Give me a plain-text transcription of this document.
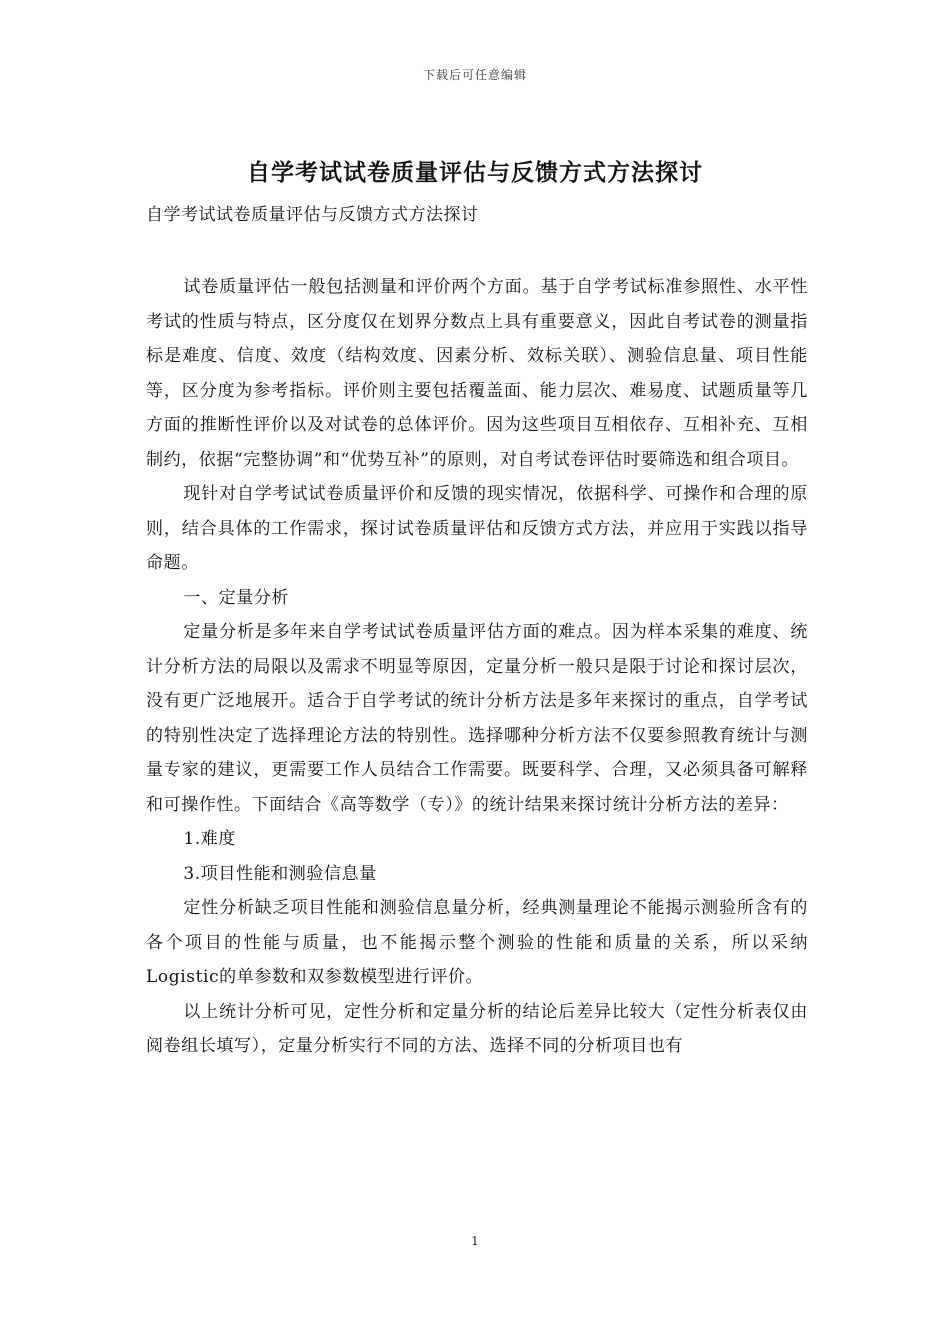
下载后可任意编辑
自学考试试卷质量评估与反馈方式方法探讨
自学考试试卷质量评估与反馈方式方法探讨

试卷质量评估一般包括测量和评价两个方面。基于自学考试标准参照性、水平性考试的性质与特点，区分度仅在划界分数点上具有重要意义，因此自考试卷的测量指标是难度、信度、效度（结构效度、因素分析、效标关联）、测验信息量、项目性能等，区分度为参考指标。评价则主要包括覆盖面、能力层次、难易度、试题质量等几方面的推断性评价以及对试卷的总体评价。因为这些项目互相依存、互相补充、互相制约，依据“完整协调”和“优势互补”的原则，对自考试卷评估时要筛选和组合项目。

现针对自学考试试卷质量评价和反馈的现实情况，依据科学、可操作和合理的原则，结合具体的工作需求，探讨试卷质量评估和反馈方式方法，并应用于实践以指导命题。

一、定量分析

定量分析是多年来自学考试试卷质量评估方面的难点。因为样本采集的难度、统计分析方法的局限以及需求不明显等原因，定量分析一般只是限于讨论和探讨层次，没有更广泛地展开。适合于自学考试的统计分析方法是多年来探讨的重点，自学考试的特别性决定了选择理论方法的特别性。选择哪种分析方法不仅要参照教育统计与测量专家的建议，更需要工作人员结合工作需要。既要科学、合理，又必须具备可解释和可操作性。下面结合《高等数学（专）》的统计结果来探讨统计分析方法的差异：

1.难度

3.项目性能和测验信息量

定性分析缺乏项目性能和测验信息量分析，经典测量理论不能揭示测验所含有的各个项目的性能与质量，也不能揭示整个测验的性能和质量的关系，所以采纳Logistic的单参数和双参数模型进行评价。

以上统计分析可见，定性分析和定量分析的结论后差异比较大（定性分析表仅由阅卷组长填写），定量分析实行不同的方法、选择不同的分析项目也有

1
